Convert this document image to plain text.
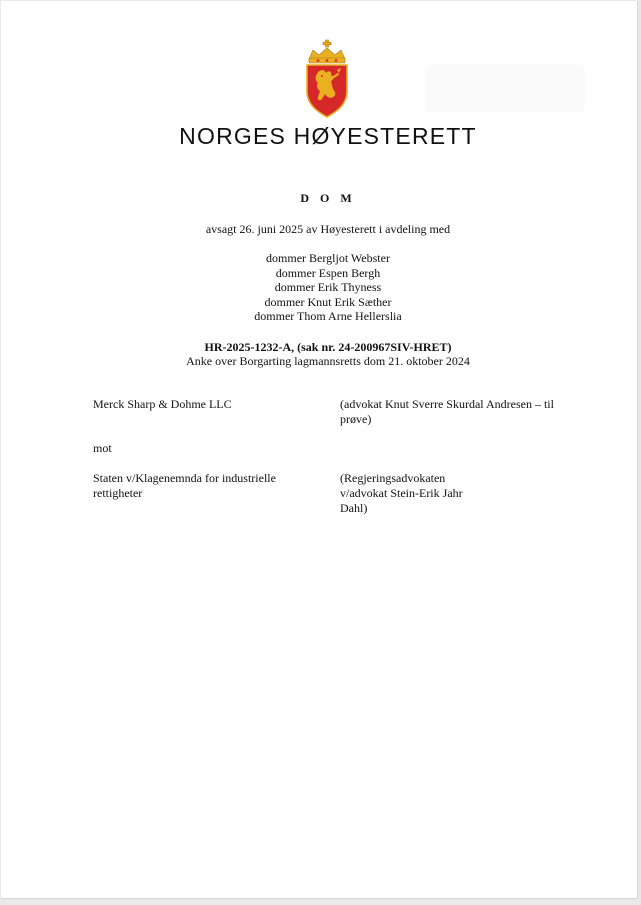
NORGES HØYESTERETT
D O M
avsagt 26. juni 2025 av Høyesterett i avdeling med
dommer Bergljot Webster
dommer Espen Bergh
dommer Erik Thyness
dommer Knut Erik Sæther
dommer Thom Arne Hellerslia
HR-2025-1232-A, (sak nr. 24-200967SIV-HRET)
Anke over Borgarting lagmannsretts dom 21. oktober 2024
Merck Sharp & Dohme LLC	(advokat Knut Sverre Skurdal Andresen – til prøve)
mot
Staten v/Klagenemnda for industrielle rettigheter
(Regjeringsadvokaten v/advokat Stein-Erik Jahr Dahl)
